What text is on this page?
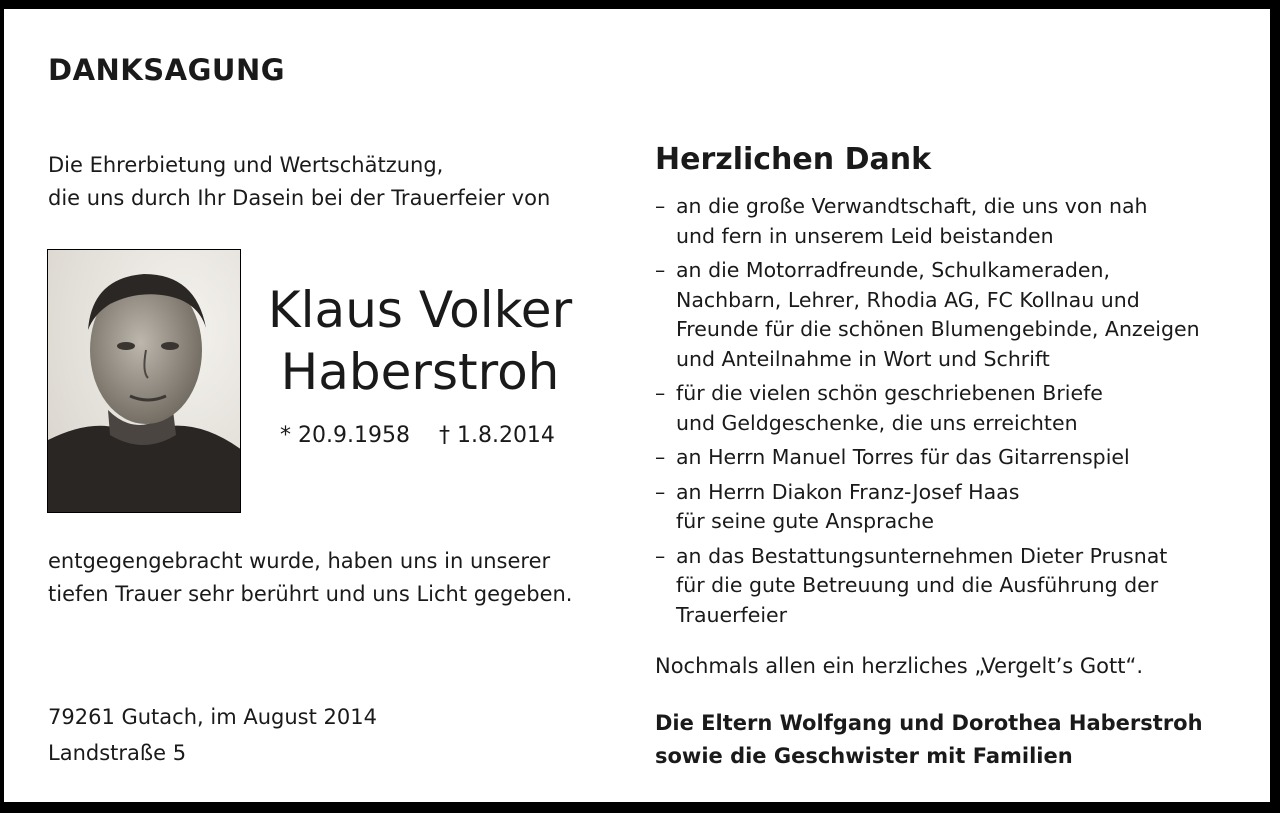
DANKSAGUNG
Die Ehrerbietung und Wertschätzung,
die uns durch Ihr Dasein bei der Trauerfeier von
Klaus Volker
Haberstroh
* 20.9.1958 † 1.8.2014
entgegengebracht wurde, haben uns in unserer
tiefen Trauer sehr berührt und uns Licht gegeben.
79261 Gutach, im August 2014
Landstraße 5
Herzlichen Dank
– an die große Verwandtschaft, die uns von nah
und fern in unserem Leid beistanden
– an die Motorradfreunde, Schulkameraden,
Nachbarn, Lehrer, Rhodia AG, FC Kollnau und
Freunde für die schönen Blumengebinde, Anzeigen
und Anteilnahme in Wort und Schrift
– für die vielen schön geschriebenen Briefe
und Geldgeschenke, die uns erreichten
– an Herrn Manuel Torres für das Gitarrenspiel
– an Herrn Diakon Franz-Josef Haas
für seine gute Ansprache
– an das Bestattungsunternehmen Dieter Prusnat
für die gute Betreuung und die Ausführung der
Trauerfeier
Nochmals allen ein herzliches „Vergelt’s Gott“.
Die Eltern Wolfgang und Dorothea Haberstroh
sowie die Geschwister mit Familien
